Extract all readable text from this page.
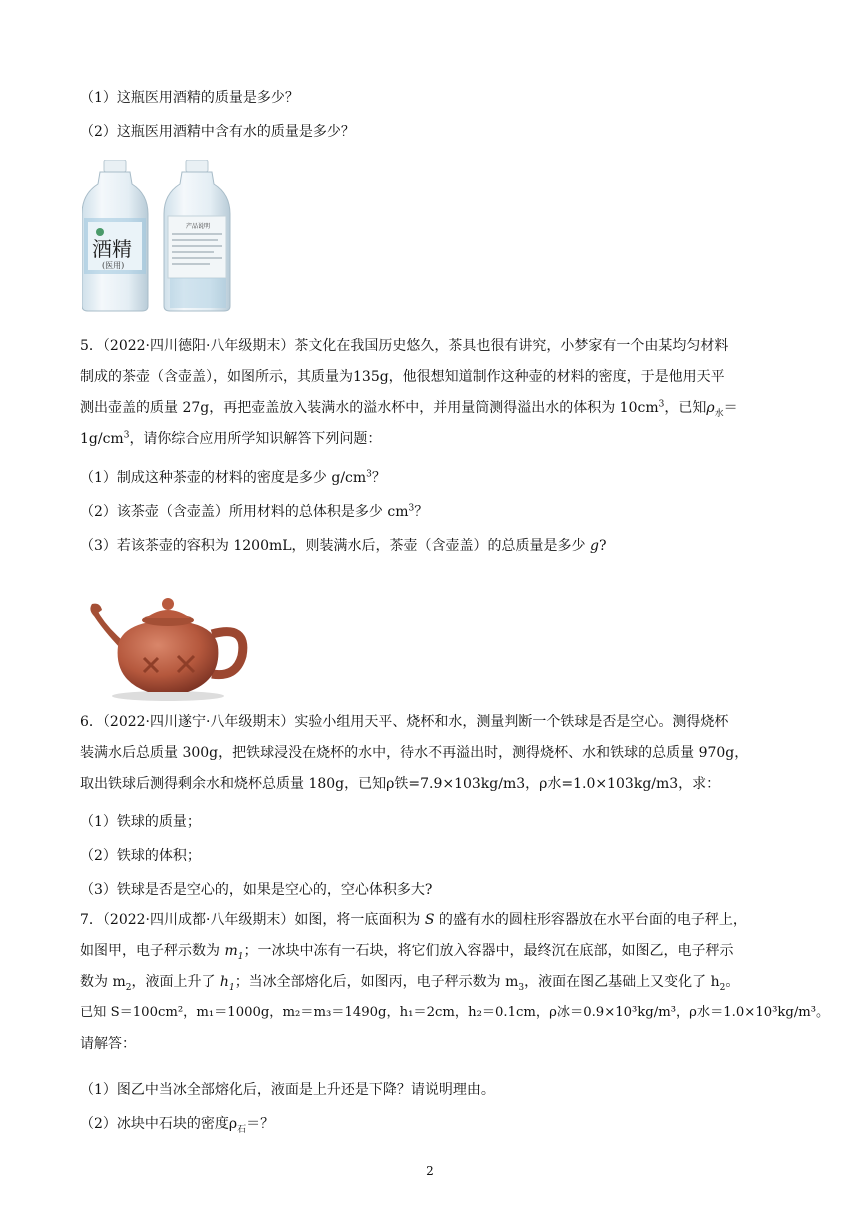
（1）这瓶医用酒精的质量是多少？
（2）这瓶医用酒精中含有水的质量是多少？
酒精
(医用)
产品说明
5．（2022·四川德阳·八年级期末）茶文化在我国历史悠久，茶具也很有讲究，小梦家有一个由某均匀材料
制成的茶壶（含壶盖），如图所示，其质量为135g，他很想知道制作这种壶的材料的密度，于是他用天平
测出壶盖的质量 27g，再把壶盖放入装满水的溢水杯中，并用量筒测得溢出水的体积为 $10cm^3$，已知$\rho_水=$
$1g/cm^3$，请你综合应用所学知识解答下列问题：
（1）制成这种茶壶的材料的密度是多少 $g/cm^3$？
（2）该茶壶（含壶盖）所用材料的总体积是多少 $cm^3$？
（3）若该茶壶的容积为 1200mL，则装满水后，茶壶（含壶盖）的总质量是多少 g?
6．（2022·四川遂宁·八年级期末）实验小组用天平、烧杯和水，测量判断一个铁球是否是空心。测得烧杯
装满水后总质量 300g，把铁球浸没在烧杯的水中，待水不再溢出时，测得烧杯、水和铁球的总质量 970g，
取出铁球后测得剩余水和烧杯总质量 180g，已知ρ铁=7.9×103kg/m3，ρ水=1.0×103kg/m3，求：
（1）铁球的质量；
（2）铁球的体积；
（3）铁球是否是空心的，如果是空心的，空心体积多大?
7．（2022·四川成都·八年级期末）如图，将一底面积为 S 的盛有水的圆柱形容器放在水平台面的电子秤上，
如图甲，电子秤示数为 $m_1$；一冰块中冻有一石块，将它们放入容器中，最终沉在底部，如图乙，电子秤示
数为 $m_2$，液面上升了 $h_1$；当冰全部熔化后，如图丙，电子秤示数为 $m_3$，液面在图乙基础上又变化了 $h_2$。
已知 S＝100cm²，m₁＝1000g，m₂＝m₃＝1490g，h₁＝2cm，h₂＝0.1cm，ρ冰＝0.9×10³kg/m³，ρ水＝1.0×10³kg/m³。
请解答：
（1）图乙中当冰全部熔化后，液面是上升还是下降？请说明理由。
（2）冰块中石块的密度$\rho_石=$？
2
